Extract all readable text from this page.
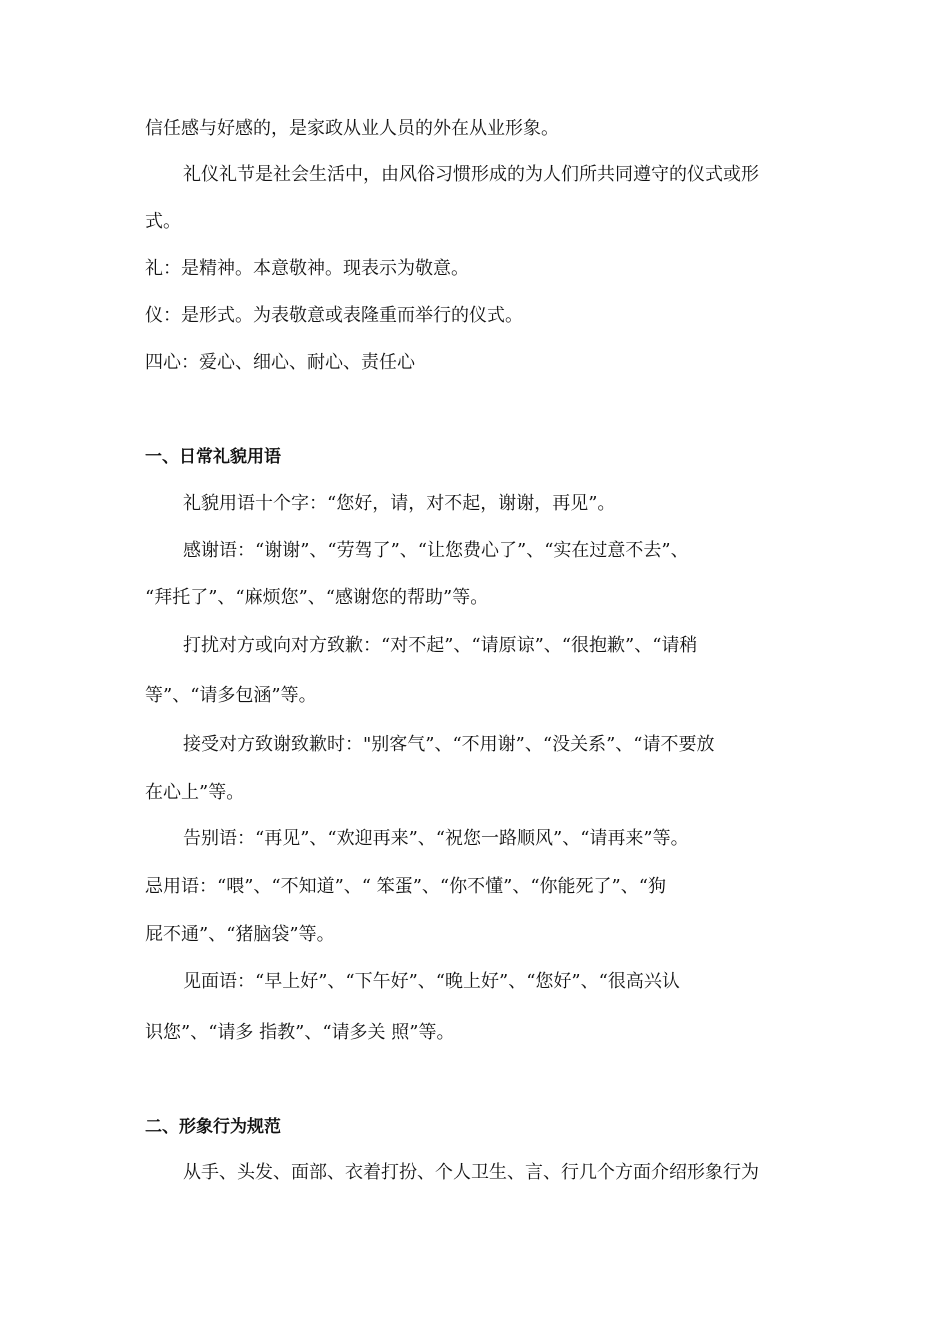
信任感与好感的，是家政从业人员的外在从业形象。
礼仪礼节是社会生活中，由风俗习惯形成的为人们所共同遵守的仪式或形
式。
礼：是精神。本意敬神。现表示为敬意。
仪：是形式。为表敬意或表隆重而举行的仪式。
四心：爱心、细心、耐心、责任心
一、日常礼貌用语
礼貌用语十个字：“您好，请，对不起，谢谢，再见”。
感谢语：“谢谢”、“劳驾了”、“让您费心了”、“实在过意不去”、
“拜托了”、“麻烦您”、“感谢您的帮助”等。
打扰对方或向对方致歉：“对不起”、“请原谅”、“很抱歉”、“请稍
等”、“请多包涵”等。
接受对方致谢致歉时："别客气”、“不用谢”、“没关系”、“请不要放
在心上”等。
告别语：“再见”、“欢迎再来”、“祝您一路顺风”、“请再来”等。
忌用语：“喂”、“不知道”、“ 笨蛋”、“你不懂”、“你能死了”、“狗
屁不通”、“猪脑袋”等。
见面语：“早上好”、“下午好”、“晚上好”、“您好”、“很高兴认
识您”、“请多 指教”、“请多关 照”等。
二、形象行为规范
从手、头发、面部、衣着打扮、个人卫生、言、行几个方面介绍形象行为
